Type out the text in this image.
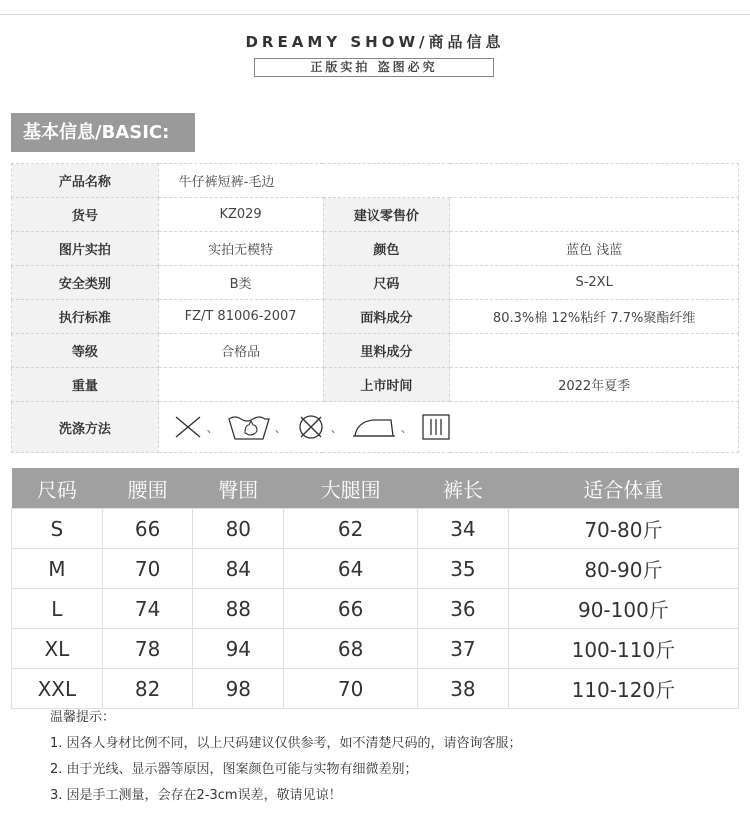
DREAMY SHOW/商品信息
正版实拍 盗图必究
基本信息/BASIC:
产品名称	牛仔裤短裤-毛边		
货号	KZ029	建议零售价	
图片实拍	实拍无模特	颜色	蓝色 浅蓝
安全类别	B类	尺码	S-2XL
执行标准	FZ/T 81006-2007	面料成分	80.3%棉 12%粘纤 7.7%聚酯纤维
等级	合格品	里料成分	
重量		上市时间	2022年夏季
洗涤方法	、 、 、 、		
尺码	腰围	臀围	大腿围	裤长	适合体重
S	66	80	62	34	70-80斤
M	70	84	64	35	80-90斤
L	74	88	66	36	90-100斤
XL	78	94	68	37	100-110斤
XXL	82	98	70	38	110-120斤
温馨提示：
1. 因各人身材比例不同，以上尺码建议仅供参考，如不清楚尺码的，请咨询客服；
2. 由于光线、显示器等原因，图案颜色可能与实物有细微差别；
3. 因是手工测量，会存在2-3cm误差，敬请见谅！
